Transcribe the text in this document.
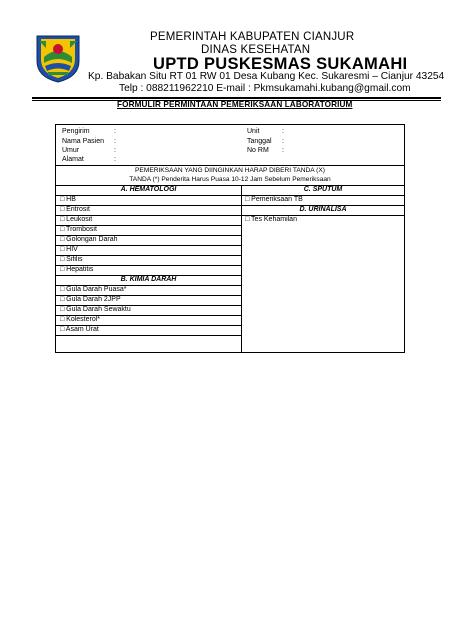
PEMERINTAH KABUPATEN CIANJUR
DINAS KESEHATAN
UPTD PUSKESMAS SUKAMAHI
Kp. Babakan Situ RT 01 RW 01 Desa Kubang Kec. Sukaresmi – Cianjur 43254
Telp : 088211962210 E-mail : Pkmsukamahi.kubang@gmail.com
FORMULIR PERMINTAAN PEMERIKSAAN LABORATORIUM
Pengirim	:
Nama Pasien :
Umur	:
Alamat	:
Unit	:
Tanggal :
No RM :
PEMERIKSAAN YANG DIINGINKAN HARAP DIBERI TANDA (X)
TANDA (*) Penderita Harus Puasa 10-12 Jam Sebelum Pemeriksaan
A. HEMATOLOGI
□ HB
□ Eritrosit
□ Leukosit
□ Trombosit
□ Golongan Darah
□ HIV
□ Sifilis
□ Hepatitis
B. KIMIA DARAH
□ Gula Darah Puasa*
□ Gula Darah 2JPP
□ Gula Darah Sewaktu
□ Kolesterol*
□ Asam Urat
C. SPUTUM
□ Pemeriksaan TB
D. URINALISA
□ Tes Kehamilan
